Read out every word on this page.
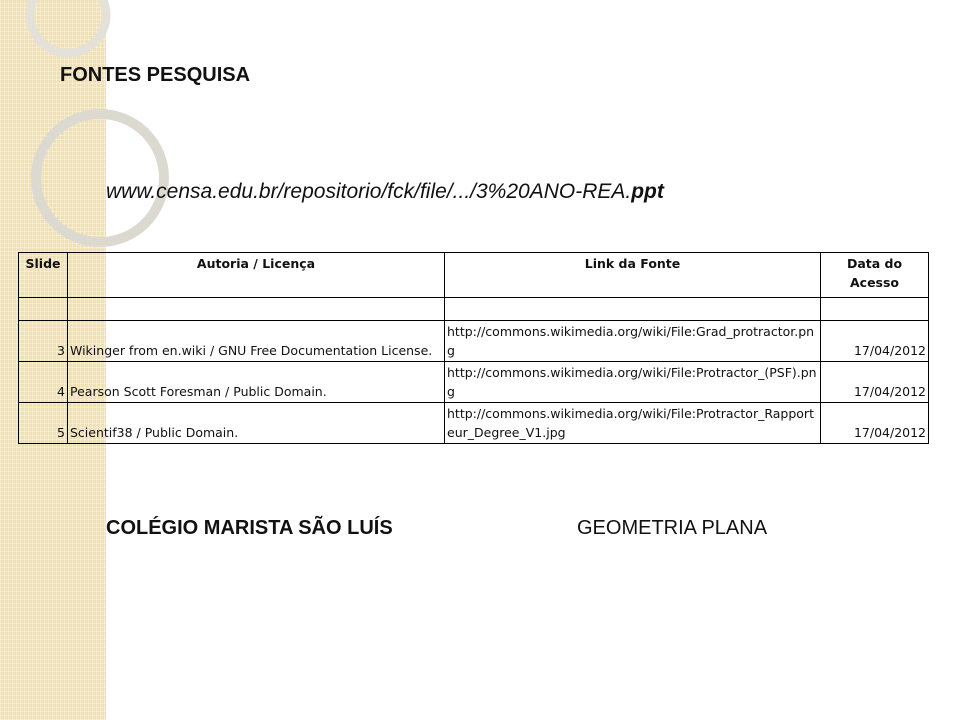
FONTES PESQUISA
www.censa.edu.br/repositorio/fck/file/.../3%20ANO-REA.ppt
Slide	Autoria / Licença	Link da Fonte	Data do Acesso

3	Wikinger from en.wiki / GNU Free Documentation License.	http://commons.wikimedia.org/wiki/File:Grad_protractor.png	17/04/2012
4	Pearson Scott Foresman / Public Domain.	http://commons.wikimedia.org/wiki/File:Protractor_(PSF).png	17/04/2012
5	Scientif38 / Public Domain.	http://commons.wikimedia.org/wiki/File:Protractor_Rapporteur_Degree_V1.jpg	17/04/2012
COLÉGIO MARISTA SÃO LUÍS	GEOMETRIA PLANA
